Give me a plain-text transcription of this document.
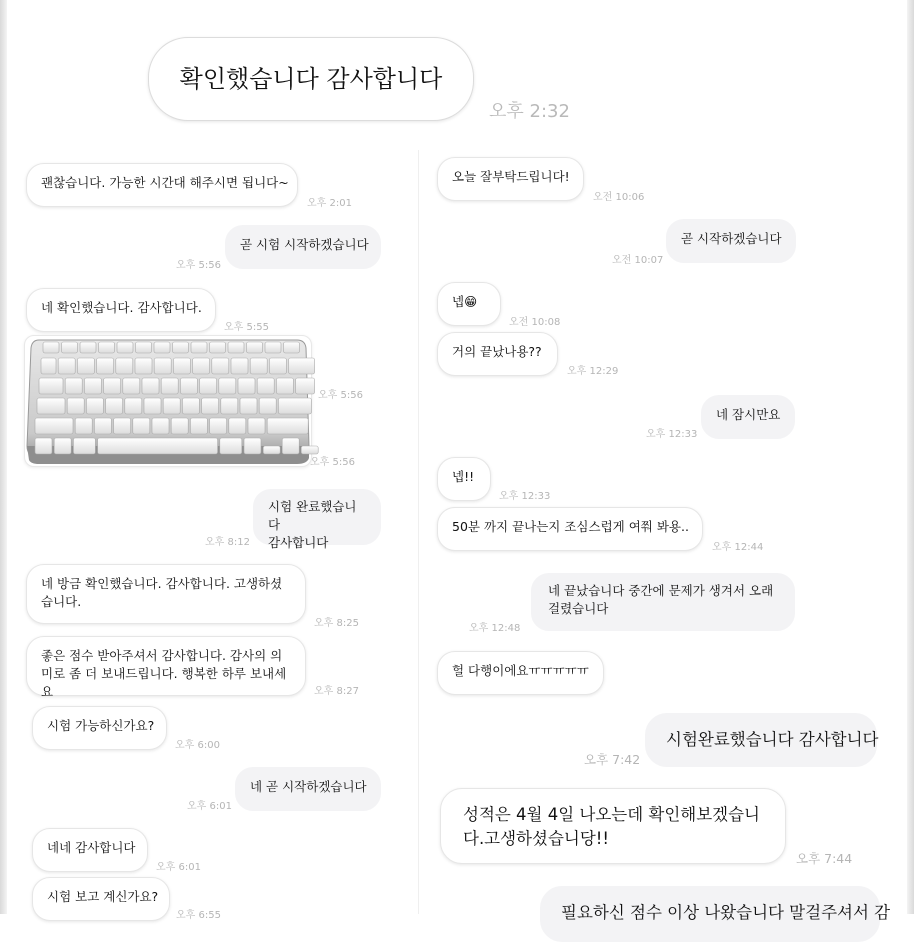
확인했습니다 감사합니다
오후 2:32
괜찮습니다. 가능한 시간대 해주시면 됩니다~
오후 2:01
곧 시험 시작하겠습니다
오후 5:56
네 확인했습니다. 감사합니다.
오후 5:55
오후 5:56
오후 5:56
시험 완료했습니다
감사합니다
오후 8:12
네 방금 확인했습니다. 감사합니다. 고생하셨습니다.
오후 8:25
좋은 점수 받아주셔서 감사합니다. 감사의 의미로 좀 더 보내드립니다. 행복한 하루 보내세요	오후 8:27
시험 가능하신가요?
오후 6:00
네 곧 시작하겠습니다
오후 6:01
네네 감사합니다
오후 6:01
시험 보고 계신가요?
오후 6:55
오늘 잘부탁드립니다!
오전 10:06
곧 시작하겠습니다
오전 10:07
넵😁
오전 10:08
거의 끝났나용??
오후 12:29
네 잠시만요
오후 12:33
넵!!
오후 12:33
50분 까지 끝나는지 조심스럽게 여쭤 봐용..
오후 12:44
네 끝났습니다 중간에 문제가 생겨서 오래걸렸습니다
오후 12:48
헐 다행이에요ㅠㅠㅠㅠㅠ
시험완료했습니다 감사합니다
오후 7:42
성적은 4월 4일 나오는데 확인해보겠습니다.고생하셨습니당!!
오후 7:44
필요하신 점수 이상 나왔습니다 말걸주셔서 감
